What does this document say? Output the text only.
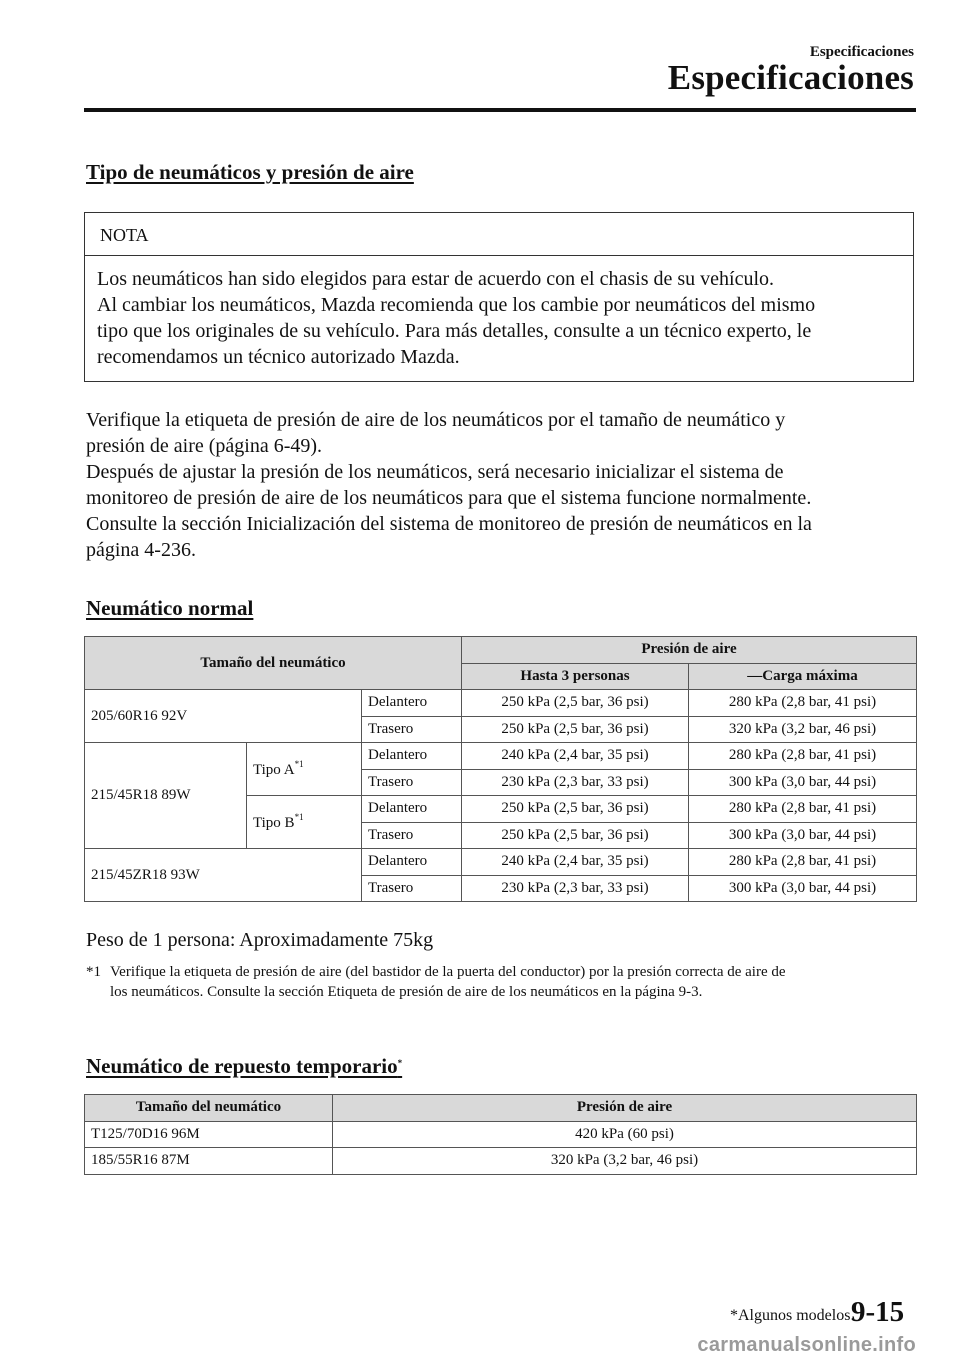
Especificaciones
Especificaciones
Tipo de neumáticos y presión de aire
NOTA

Los neumáticos han sido elegidos para estar de acuerdo con el chasis de su vehículo.

Al cambiar los neumáticos, Mazda recomienda que los cambie por neumáticos del mismo

tipo que los originales de su vehículo. Para más detalles, consulte a un técnico experto, le

recomendamos un técnico autorizado Mazda.

Verifique la etiqueta de presión de aire de los neumáticos por el tamaño de neumático y

presión de aire (página 6-49).

Después de ajustar la presión de los neumáticos, será necesario inicializar el sistema de

monitoreo de presión de aire de los neumáticos para que el sistema funcione normalmente.

Consulte la sección Inicialización del sistema de monitoreo de presión de neumáticos en la

página 4-236.

Neumático normal
Tamaño del neumático			Presión de aire	
			Hasta 3 personas	—Carga máxima
205/60R16 92V		Delantero	250 kPa (2,5 bar, 36 psi)	280 kPa (2,8 bar, 41 psi)
		Trasero	250 kPa (2,5 bar, 36 psi)	320 kPa (3,2 bar, 46 psi)
215/45R18 89W	Tipo $A^{*1}$	Delantero	240 kPa (2,4 bar, 35 psi)	280 kPa (2,8 bar, 41 psi)
		Trasero	230 kPa (2,3 bar, 33 psi)	300 kPa (3,0 bar, 44 psi)
	Tipo $B^{*1}$	Delantero	250 kPa (2,5 bar, 36 psi)	280 kPa (2,8 bar, 41 psi)
		Trasero	250 kPa (2,5 bar, 36 psi)	300 kPa (3,0 bar, 44 psi)
215/45ZR18 93W		Delantero	240 kPa (2,4 bar, 35 psi)	280 kPa (2,8 bar, 41 psi)
		Trasero	230 kPa (2,3 bar, 33 psi)	300 kPa (3,0 bar, 44 psi)
Peso de 1 persona: Aproximadamente 75kg
*1 Verifique la etiqueta de presión de aire (del bastidor de la puerta del conductor) por la presión correcta de aire de
los neumáticos. Consulte la sección Etiqueta de presión de aire de los neumáticos en la página 9-3.
Neumático de repuesto temporario*
Tamaño del neumático	Presión de aire
T125/70D16 96M	420 kPa (60 psi)
185/55R16 87M	320 kPa (3,2 bar, 46 psi)
*Algunos modelos.
9-15
carmanualsonline.info
